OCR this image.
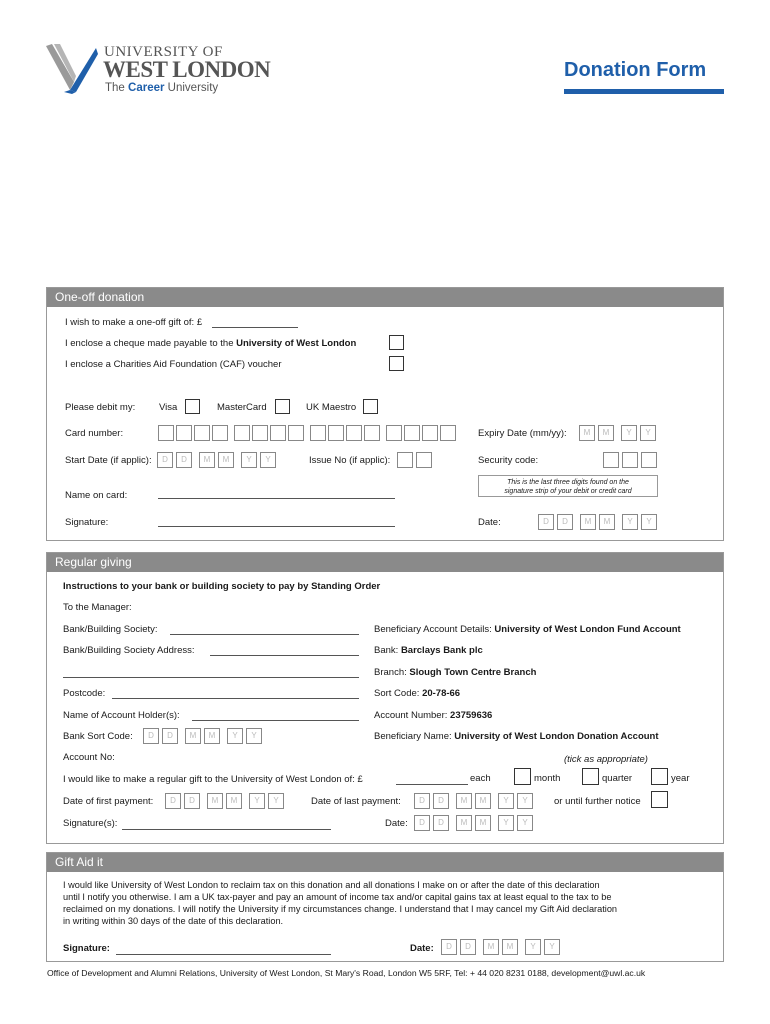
UNIVERSITY OF
WEST LONDON
The Career University
Donation Form
One-off donation
I wish to make a one-off gift of: £
I enclose a cheque made payable to the University of West London
I enclose a Charities Aid Foundation (CAF) voucher
Please debit my:	Visa	MasterCard	UK Maestro
Card number:	Expiry Date (mm/yy):	M	M	Y	Y
Start Date (if applic):	D	D	M	M	Y	Y	Issue No (if applic):	Security code:
This is the last three digits found on the
signature strip of your debit or credit card
Name on card:
Signature:	Date:	D	D	M	M	Y	Y
Regular giving
Instructions to your bank or building society to pay by Standing Order
To the Manager:
Bank/Building Society:
Bank/Building Society Address:
Postcode:
Name of Account Holder(s):
Bank Sort Code:	D	D	M	M	Y	Y
Account No:
Beneficiary Account Details: University of West London Fund Account
Bank: Barclays Bank plc
Branch: Slough Town Centre Branch
Sort Code: 20-78-66
Account Number: 23759636
Beneficiary Name: University of West London Donation Account
(tick as appropriate)
I would like to make a regular gift to the University of West London of: £	each	month	quarter	year
Date of first payment:	D	D	M	M	Y	Y	Date of last payment:	D	D	M	M	Y	Y	or until further notice
Signature(s):	Date:	D	D	M	M	Y	Y
Gift Aid it
I would like University of West London to reclaim tax on this donation and all donations I make on or after the date of this declaration
until I notify you otherwise. I am a UK tax-payer and pay an amount of income tax and/or capital gains tax at least equal to the tax to be
reclaimed on my donations. I will notify the University if my circumstances change. I understand that I may cancel my Gift Aid declaration
in writing within 30 days of the date of this declaration.
Signature:	Date:	D	D	M	M	Y	Y
Office of Development and Alumni Relations, University of West London, St Mary's Road, London W5 5RF, Tel: + 44 020 8231 0188, development@uwl.ac.uk
